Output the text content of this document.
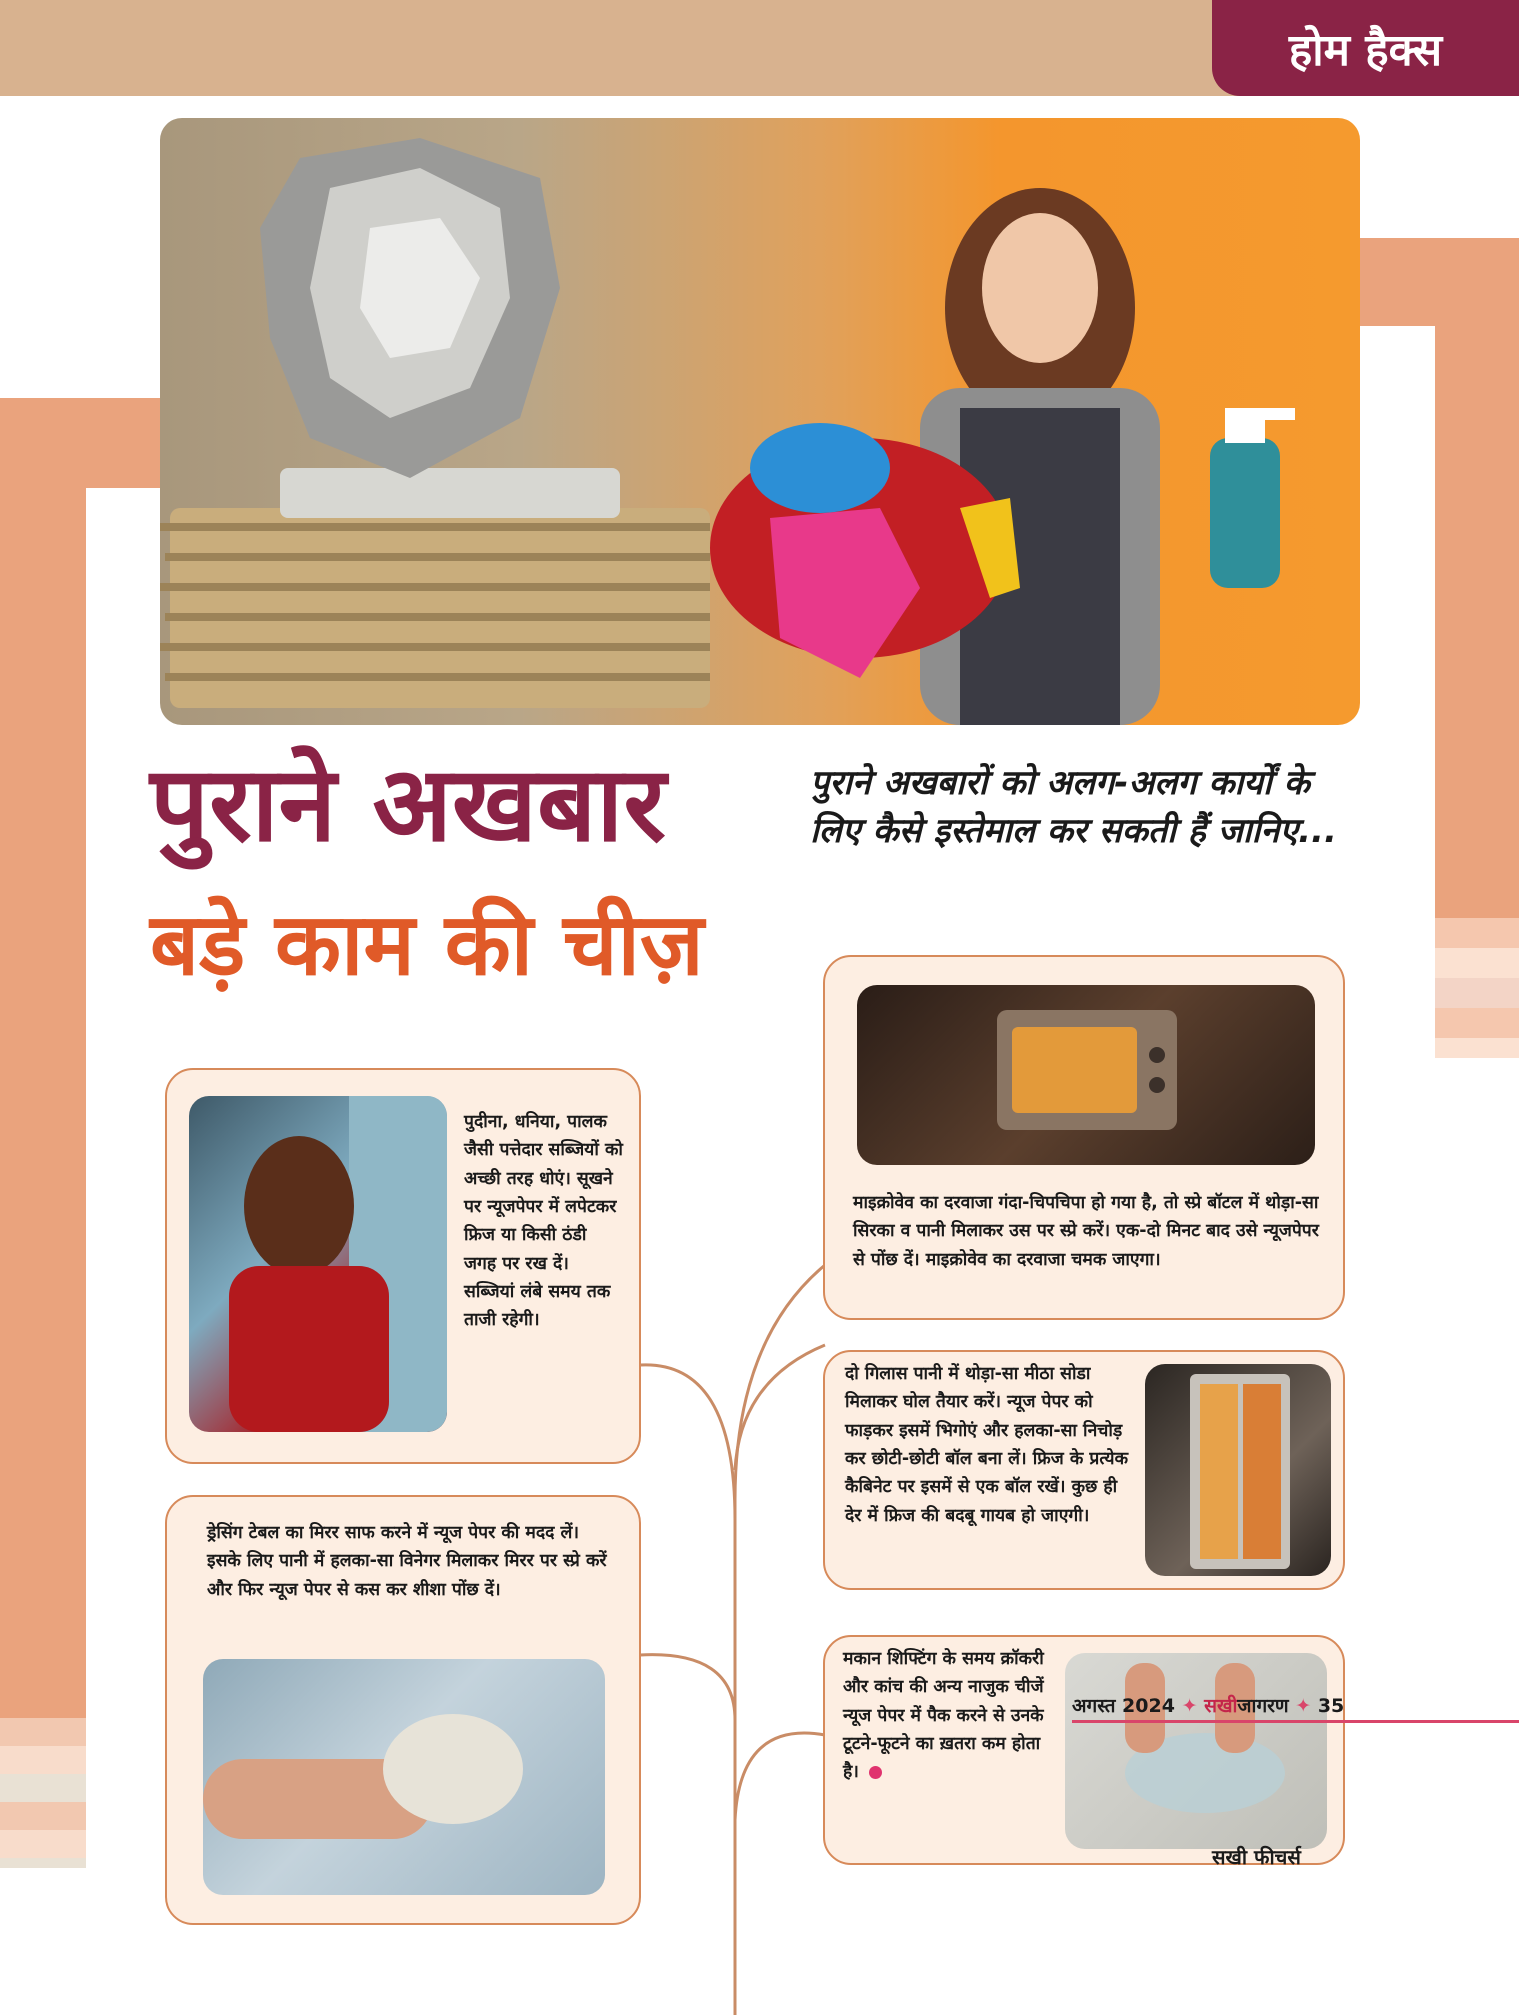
होम हैक्स
पुराने अखबार
बड़े काम की चीज़
पुराने अखबारों को अलग-अलग कार्यों के लिए कैसे इस्तेमाल कर सकती हैं जानिए...
पुदीना, धनिया, पालक जैसी पत्तेदार सब्जियों को अच्छी तरह धोएं। सूखने पर न्यूजपेपर में लपेटकर फ्रिज या किसी ठंडी जगह पर रख दें। सब्जियां लंबे समय तक ताजी रहेगी।
ड्रेसिंग टेबल का मिरर साफ करने में न्यूज पेपर की मदद लें। इसके लिए पानी में हलका-सा विनेगर मिलाकर मिरर पर स्प्रे करें और फिर न्यूज पेपर से कस कर शीशा पोंछ दें।
माइक्रोवेव का दरवाजा गंदा-चिपचिपा हो गया है, तो स्प्रे बॉटल में थोड़ा-सा सिरका व पानी मिलाकर उस पर स्प्रे करें। एक-दो मिनट बाद उसे न्यूजपेपर से पोंछ दें। माइक्रोवेव का दरवाजा चमक जाएगा।
दो गिलास पानी में थोड़ा-सा मीठा सोडा मिलाकर घोल तैयार करें। न्यूज पेपर को फाड़कर इसमें भिगोएं और हलका-सा निचोड़ कर छोटी-छोटी बॉल बना लें। फ्रिज के प्रत्येक कैबिनेट पर इसमें से एक बॉल रखें। कुछ ही देर में फ्रिज की बदबू गायब हो जाएगी।
मकान शिफ्टिंग के समय क्रॉकरी और कांच की अन्य नाजुक चीजें न्यूज पेपर में पैक करने से उनके टूटने-फूटने का ख़तरा कम होता है।
सखी फीचर्स
अगस्त 2024 ✦ सखीजागरण ✦ 35
